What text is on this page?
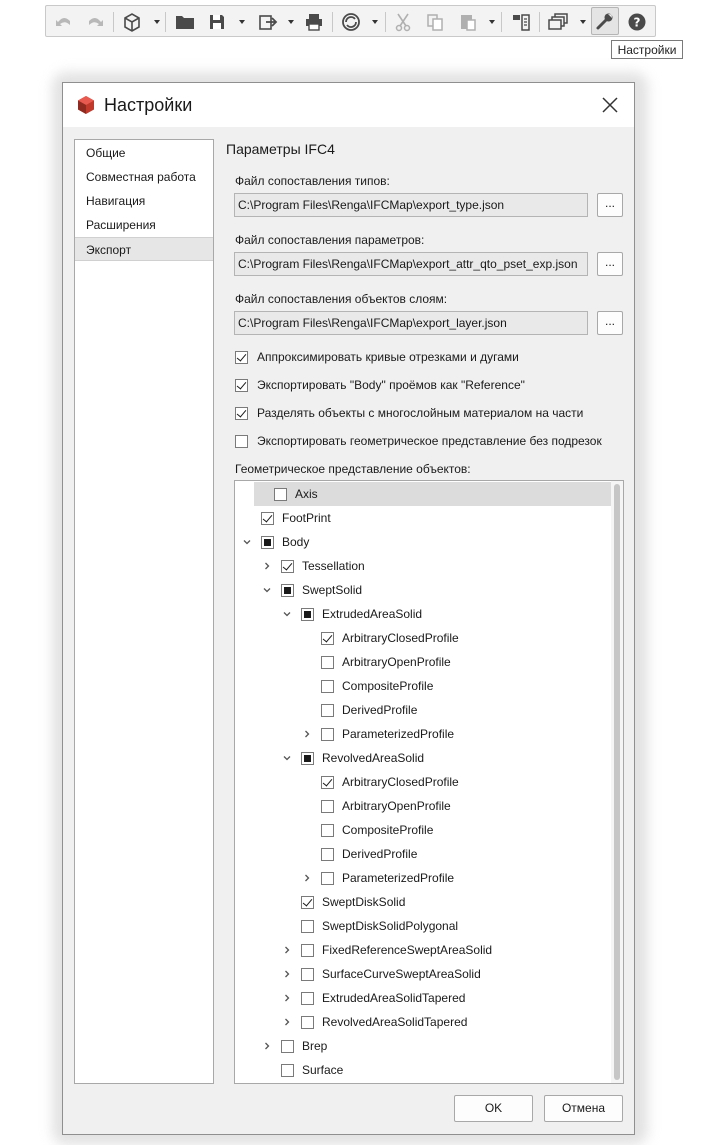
?
Настройки
Настройки
Общие
Совместная работа
Навигация
Расширения
Экспорт
Параметры IFC4
Файл сопоставления типов:
C:\Program Files\Renga\IFCMap\export_type.json	...
Файл сопоставления параметров:
C:\Program Files\Renga\IFCMap\export_attr_qto_pset_exp.json	...
Файл сопоставления объектов слоям:
C:\Program Files\Renga\IFCMap\export_layer.json	...
Аппроксимировать кривые отрезками и дугами
Экспортировать "Body" проёмов как "Reference"
Разделять объекты с многослойным материалом на части
Экспортировать геометрическое представление без подрезок
Геометрическое представление объектов:
Axis
FootPrint
Body
Tessellation
SweptSolid
ExtrudedAreaSolid
ArbitraryClosedProfile
ArbitraryOpenProfile
CompositeProfile
DerivedProfile
ParameterizedProfile
RevolvedAreaSolid
ArbitraryClosedProfile
ArbitraryOpenProfile
CompositeProfile
DerivedProfile
ParameterizedProfile
SweptDiskSolid
SweptDiskSolidPolygonal
FixedReferenceSweptAreaSolid
SurfaceCurveSweptAreaSolid
ExtrudedAreaSolidTapered
RevolvedAreaSolidTapered
Brep
Surface
OK	Отмена
